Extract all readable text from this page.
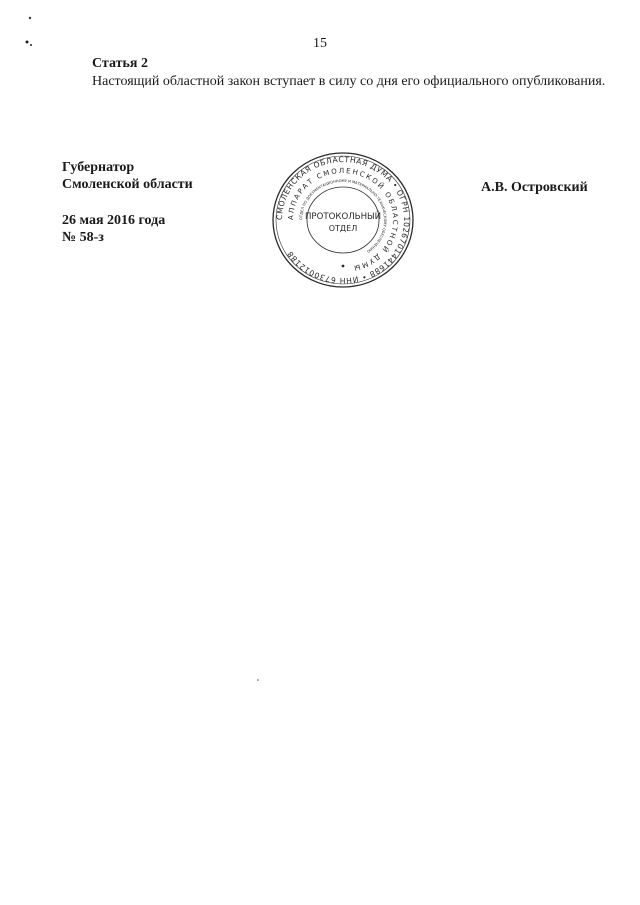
15
Статья 2
Настоящий областной закон вступает в силу со дня его официального опубликования.
Губернатор
Смоленской области
26 мая 2016 года
№ 58-з
А.В. Островский
СМОЛЕНСКАЯ ОБЛАСТНАЯ ДУМА • ОГРН 1026701441688 • ИНН 6730012188
АППАРАТ СМОЛЕНСКОЙ ОБЛАСТНОЙ ДУМЫ
ОТДЕЛ ПО ДОКУМЕНТАЦИОННОМУ И МАТЕРИАЛЬНО-ТЕХНИЧЕСКОМУ ОБЕСПЕЧЕНИЮ
ПРОТОКОЛЬНЫЙ
ОТДЕЛ
